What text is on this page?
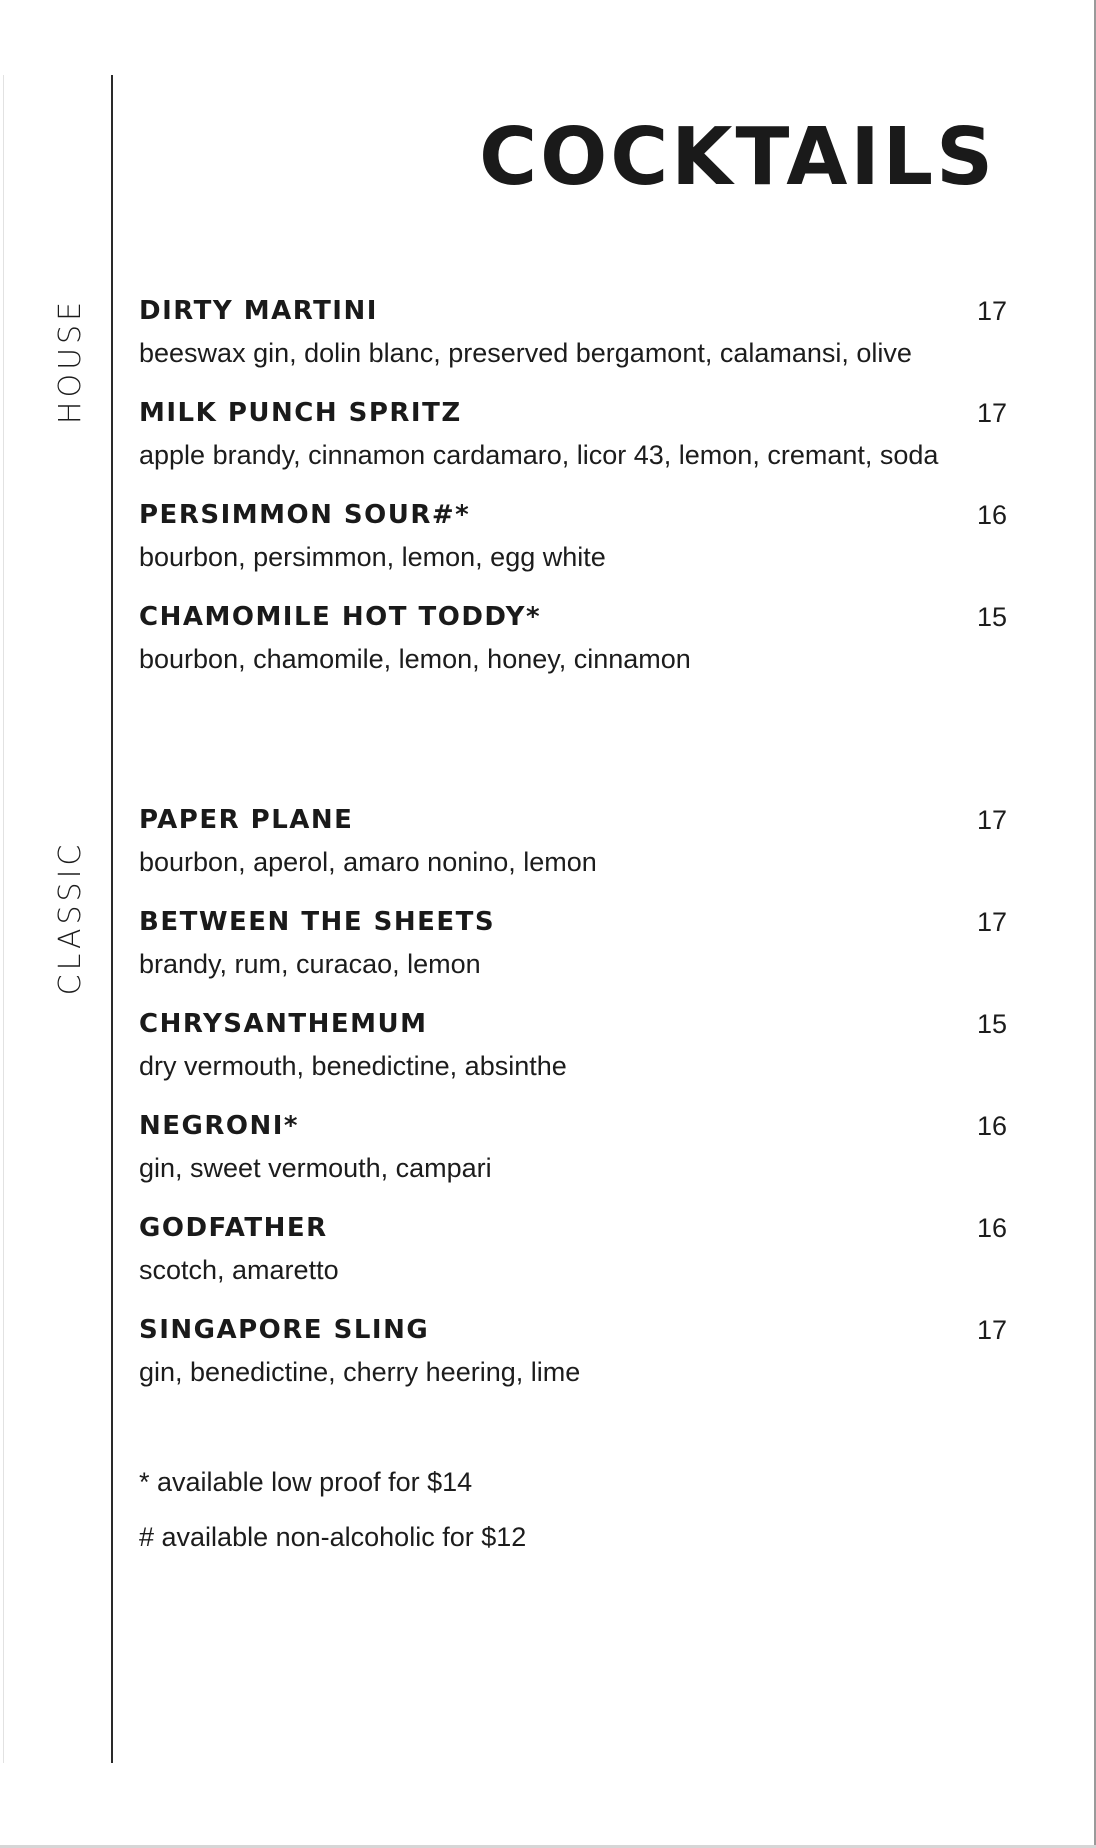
COCKTAILS
HOUSE
CLASSIC
DIRTY MARTINI	17
beeswax gin, dolin blanc, preserved bergamont, calamansi, olive
MILK PUNCH SPRITZ	17
apple brandy, cinnamon cardamaro, licor 43, lemon, cremant, soda
PERSIMMON SOUR#*	16
bourbon, persimmon, lemon, egg white
CHAMOMILE HOT TODDY*	15
bourbon, chamomile, lemon, honey, cinnamon
PAPER PLANE	17
bourbon, aperol, amaro nonino, lemon
BETWEEN THE SHEETS	17
brandy, rum, curacao, lemon
CHRYSANTHEMUM	15
dry vermouth, benedictine, absinthe
NEGRONI*	16
gin, sweet vermouth, campari
GODFATHER	16
scotch, amaretto
SINGAPORE SLING	17
gin, benedictine, cherry heering, lime
* available low proof for $14
# available non-alcoholic for $12
